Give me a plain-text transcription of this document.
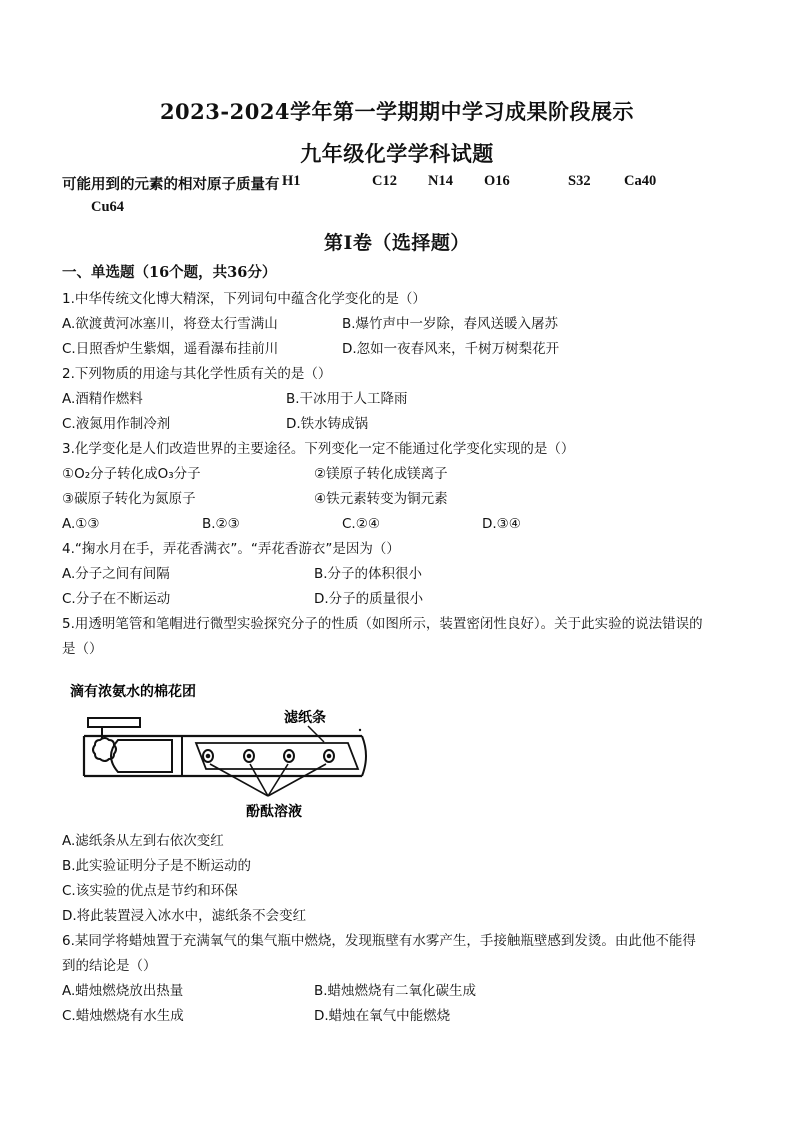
2023-2024学年第一学期期中学习成果阶段展示
九年级化学学科试题
可能用到的元素的相对原子质量有 H1	C12 N14 O16	S32 Ca40
Cu64
第I卷（选择题）
一、单选题（16个题，共36分）
1.中华传统文化博大精深，下列词句中蕴含化学变化的是（）
A.欲渡黄河冰塞川，将登太行雪满山	B.爆竹声中一岁除，春风送暖入屠苏
C.日照香炉生紫烟，遥看瀑布挂前川	D.忽如一夜春风来，千树万树梨花开
2.下列物质的用途与其化学性质有关的是（）
A.酒精作燃料	B.干冰用于人工降雨
C.液氮用作制冷剂	D.铁水铸成锅
3.化学变化是人们改造世界的主要途径。下列变化一定不能通过化学变化实现的是（）
①O₂分子转化成O₃分子	②镁原子转化成镁离子
③碳原子转化为氮原子	④铁元素转变为铜元素
A.①③	B.②③	C.②④	D.③④
4.“掬水月在手，弄花香满衣”。“弄花香游衣”是因为（）
A.分子之间有间隔	B.分子的体积很小
C.分子在不断运动	D.分子的质量很小
5.用透明笔管和笔帽进行微型实验探究分子的性质（如图所示，装置密闭性良好）。关于此实验的说法错误的
是（）
滴有浓氨水的棉花团
滤纸条
酚酞溶液
A.滤纸条从左到右依次变红
B.此实验证明分子是不断运动的
C.该实验的优点是节约和环保
D.将此装置浸入冰水中，滤纸条不会变红
6.某同学将蜡烛置于充满氧气的集气瓶中燃烧，发现瓶壁有水雾产生，手接触瓶壁感到发烫。由此他不能得
到的结论是（）
A.蜡烛燃烧放出热量	B.蜡烛燃烧有二氧化碳生成
C.蜡烛燃烧有水生成	D.蜡烛在氧气中能燃烧
